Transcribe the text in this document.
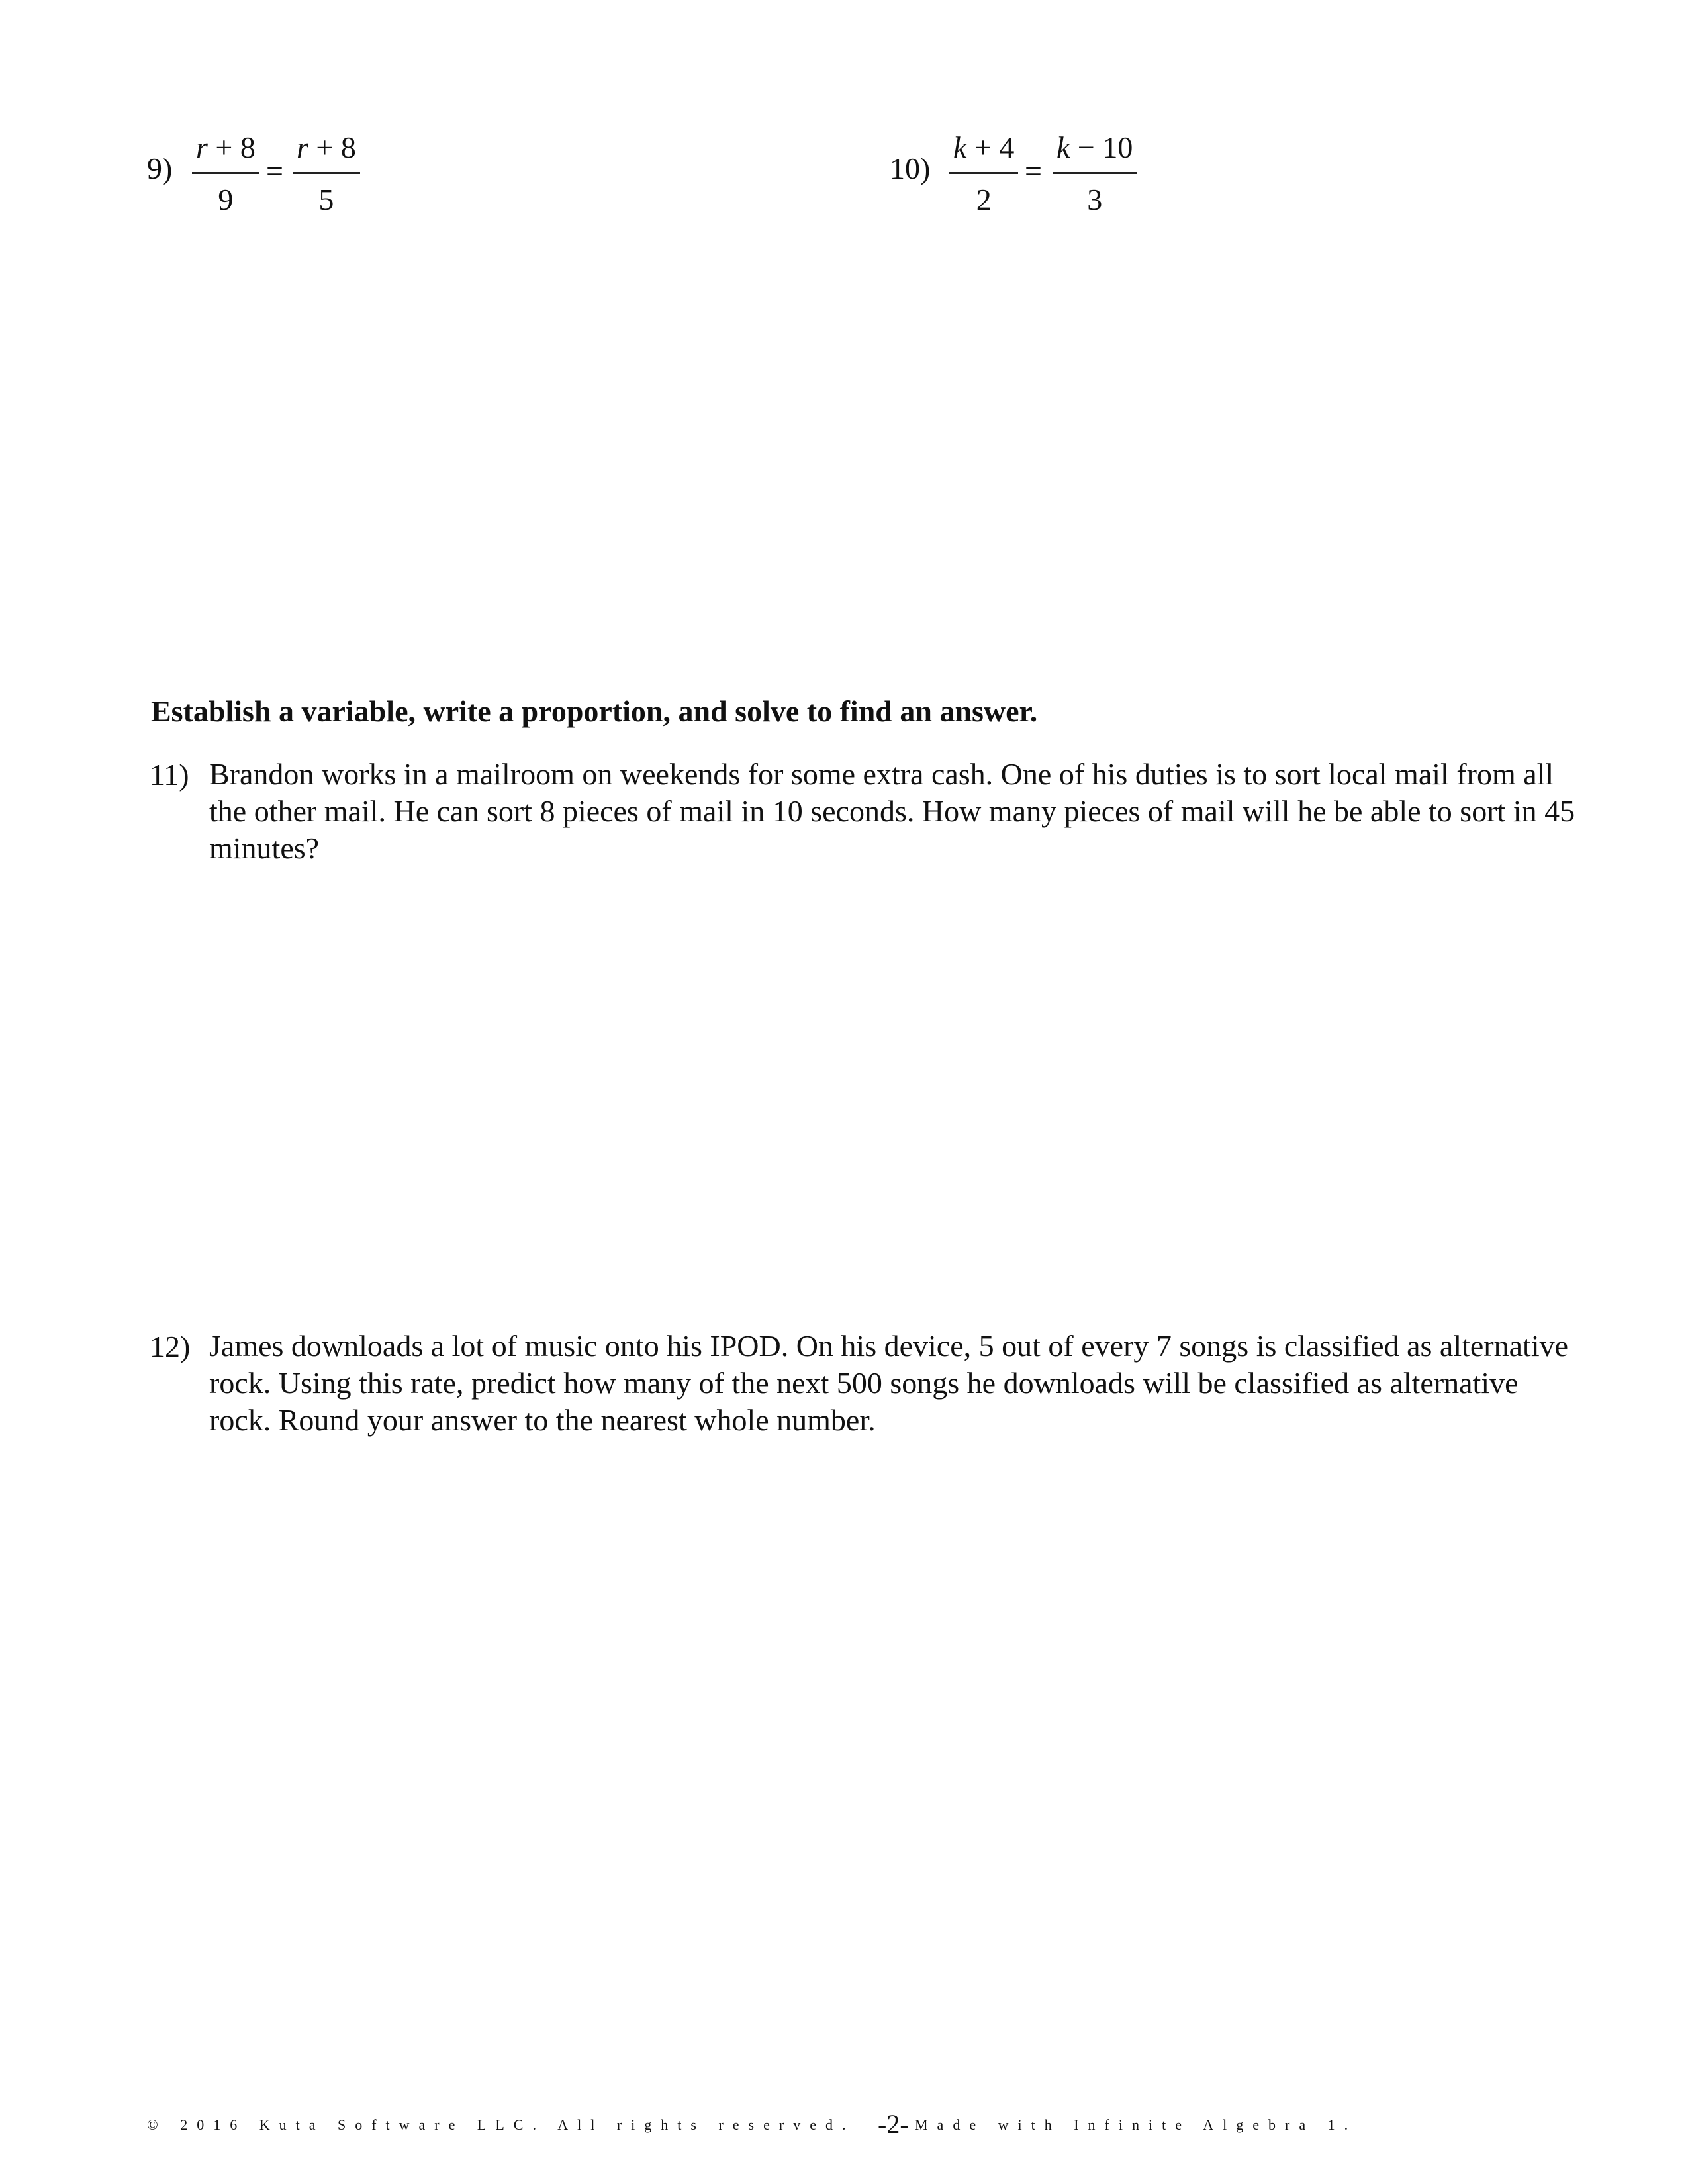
$9) \frac{r + 8}{9} = \frac{r + 8}{5}$	$10) \frac{k + 4}{2} = \frac{k - 10}{3}$
Establish a variable, write a proportion, and solve to find an answer.
11) Brandon works in a mailroom on weekends for some extra cash. One of his duties is to sort local mail from all the other mail. He can sort 8 pieces of mail in 10 seconds. How many pieces of mail will he be able to sort in 45 minutes?
12) James downloads a lot of music onto his IPOD. On his device, 5 out of every 7 songs is classified as alternative rock. Using this rate, predict how many of the next 500 songs he downloads will be classified as alternative rock. Round your answer to the nearest whole number.
© 2016 Kuta Software LLC. All rights reserved. -2- Made with Infinite Algebra 1.
